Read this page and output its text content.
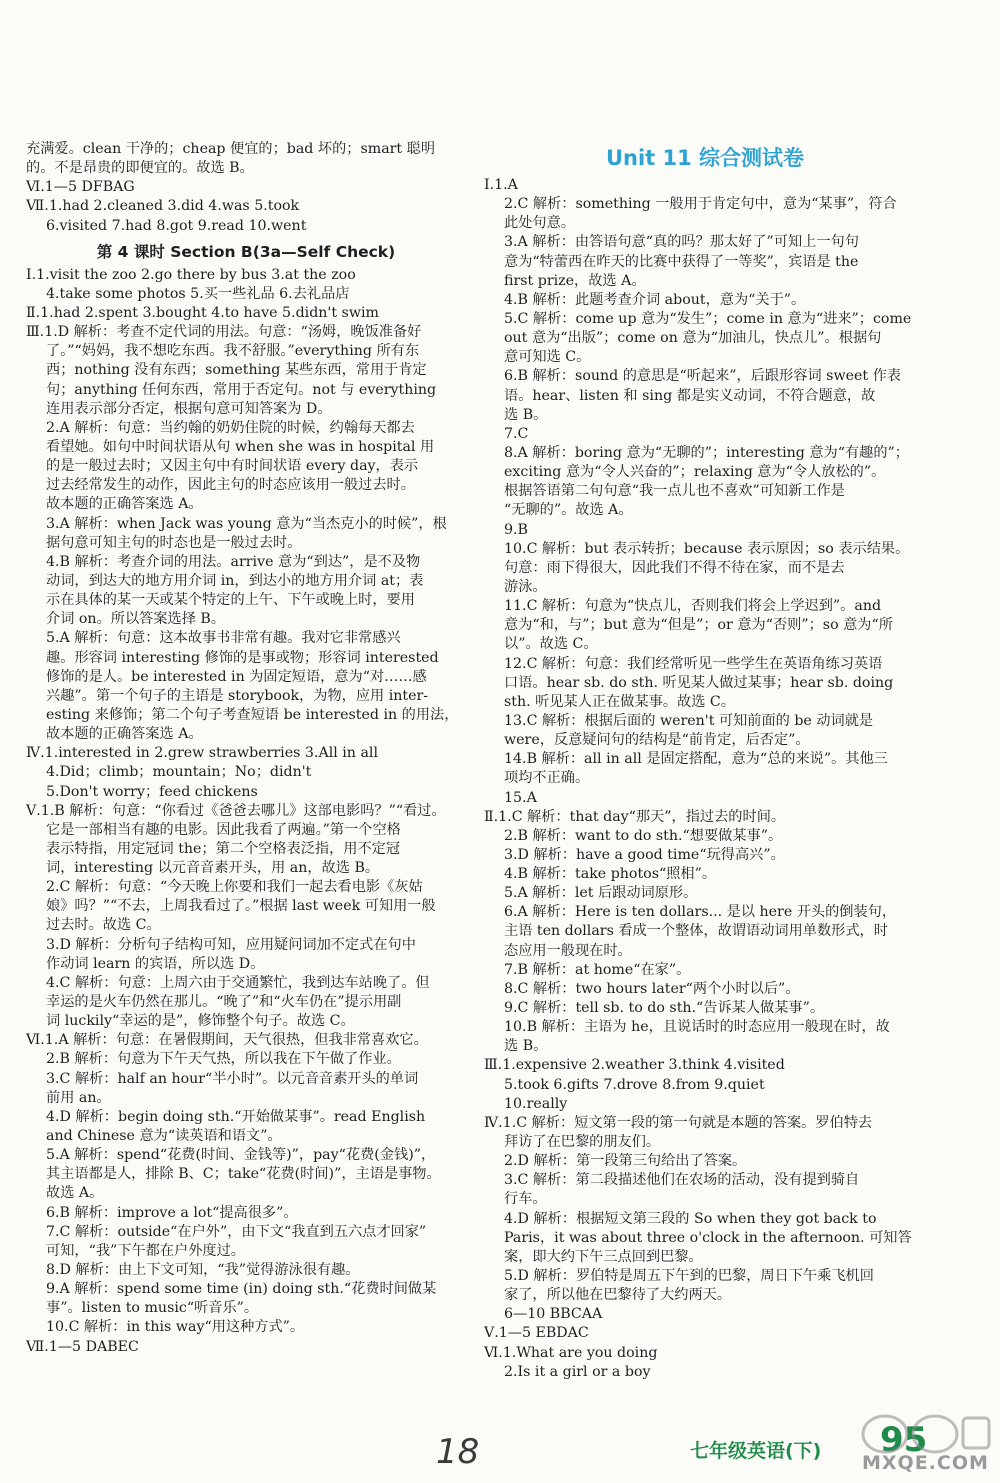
充满爱。clean 干净的；cheap 便宜的；bad 坏的；smart 聪明
的。不是昂贵的即便宜的。故选 B。
Ⅵ.1—5 DFBAG
Ⅶ.1.had 2.cleaned 3.did 4.was 5.took
6.visited 7.had 8.got 9.read 10.went
第 4 课时 Section B(3a—Self Check)
Ⅰ.1.visit the zoo 2.go there by bus 3.at the zoo
4.take some photos 5.买一些礼品 6.去礼品店
Ⅱ.1.had 2.spent 3.bought 4.to have 5.didn't swim
Ⅲ.1.D 解析：考查不定代词的用法。句意：“汤姆，晚饭准备好
了。”“妈妈，我不想吃东西。我不舒服。”everything 所有东
西；nothing 没有东西；something 某些东西，常用于肯定
句；anything 任何东西，常用于否定句。not 与 everything
连用表示部分否定，根据句意可知答案为 D。
2.A 解析：句意：当约翰的奶奶住院的时候，约翰每天都去
看望她。如句中时间状语从句 when she was in hospital 用
的是一般过去时；又因主句中有时间状语 every day，表示
过去经常发生的动作，因此主句的时态应该用一般过去时。
故本题的正确答案选 A。
3.A 解析：when Jack was young 意为“当杰克小的时候”，根
据句意可知主句的时态也是一般过去时。
4.B 解析：考查介词的用法。arrive 意为“到达”，是不及物
动词，到达大的地方用介词 in，到达小的地方用介词 at；表
示在具体的某一天或某个特定的上午、下午或晚上时，要用
介词 on。所以答案选择 B。
5.A 解析：句意：这本故事书非常有趣。我对它非常感兴
趣。形容词 interesting 修饰的是事或物；形容词 interested
修饰的是人。be interested in 为固定短语，意为“对……感
兴趣”。第一个句子的主语是 storybook，为物，应用 inter-
esting 来修饰；第二个句子考查短语 be interested in 的用法，
故本题的正确答案选 A。
Ⅳ.1.interested in 2.grew strawberries 3.All in all
4.Did；climb；mountain；No；didn't
5.Don't worry；feed chickens
Ⅴ.1.B 解析：句意：“你看过《爸爸去哪儿》这部电影吗？”“看过。
它是一部相当有趣的电影。因此我看了两遍。”第一个空格
表示特指，用定冠词 the；第二个空格表泛指，用不定冠
词，interesting 以元音音素开头，用 an，故选 B。
2.C 解析：句意：“今天晚上你要和我们一起去看电影《灰姑
娘》吗？”“不去，上周我看过了。”根据 last week 可知用一般
过去时。故选 C。
3.D 解析：分析句子结构可知，应用疑问词加不定式在句中
作动词 learn 的宾语，所以选 D。
4.C 解析：句意：上周六由于交通繁忙，我到达车站晚了。但
幸运的是火车仍然在那儿。“晚了”和“火车仍在”提示用副
词 luckily“幸运的是”，修饰整个句子。故选 C。
Ⅵ.1.A 解析：句意：在暑假期间，天气很热，但我非常喜欢它。
2.B 解析：句意为下午天气热，所以我在下午做了作业。
3.C 解析：half an hour“半小时”。以元音音素开头的单词
前用 an。
4.D 解析：begin doing sth.“开始做某事”。read English
and Chinese 意为“读英语和语文”。
5.A 解析：spend“花费(时间、金钱等)”，pay“花费(金钱)”，
其主语都是人，排除 B、C；take“花费(时间)”，主语是事物。
故选 A。
6.B 解析：improve a lot“提高很多”。
7.C 解析：outside“在户外”，由下文“我直到五六点才回家”
可知，“我”下午都在户外度过。
8.D 解析：由上下文可知，“我”觉得游泳很有趣。
9.A 解析：spend some time (in) doing sth.“花费时间做某
事”。listen to music“听音乐”。
10.C 解析：in this way“用这种方式”。
Ⅶ.1—5 DABEC
Unit 11 综合测试卷
Ⅰ.1.A
2.C 解析：something 一般用于肯定句中，意为“某事”，符合
此处句意。
3.A 解析：由答语句意“真的吗？那太好了”可知上一句句
意为“特蕾西在昨天的比赛中获得了一等奖”，宾语是 the
first prize，故选 A。
4.B 解析：此题考查介词 about，意为“关于”。
5.C 解析：come up 意为“发生”；come in 意为“进来”；come
out 意为“出版”；come on 意为“加油儿，快点儿”。根据句
意可知选 C。
6.B 解析：sound 的意思是“听起来”，后跟形容词 sweet 作表
语。hear、listen 和 sing 都是实义动词，不符合题意，故
选 B。
7.C
8.A 解析：boring 意为“无聊的”；interesting 意为“有趣的”；
exciting 意为“令人兴奋的”；relaxing 意为“令人放松的”。
根据答语第二句句意“我一点儿也不喜欢”可知新工作是
“无聊的”。故选 A。
9.B
10.C 解析：but 表示转折；because 表示原因；so 表示结果。
句意：雨下得很大，因此我们不得不待在家，而不是去
游泳。
11.C 解析：句意为“快点儿，否则我们将会上学迟到”。and
意为“和，与”；but 意为“但是”；or 意为“否则”；so 意为“所
以”。故选 C。
12.C 解析：句意：我们经常听见一些学生在英语角练习英语
口语。hear sb. do sth. 听见某人做过某事；hear sb. doing
sth. 听见某人正在做某事。故选 C。
13.C 解析：根据后面的 weren't 可知前面的 be 动词就是
were，反意疑问句的结构是“前肯定，后否定”。
14.B 解析：all in all 是固定搭配，意为“总的来说”。其他三
项均不正确。
15.A
Ⅱ.1.C 解析：that day“那天”，指过去的时间。
2.B 解析：want to do sth.“想要做某事”。
3.D 解析：have a good time“玩得高兴”。
4.B 解析：take photos“照相”。
5.A 解析：let 后跟动词原形。
6.A 解析：Here is ten dollars... 是以 here 开头的倒装句，
主语 ten dollars 看成一个整体，故谓语动词用单数形式，时
态应用一般现在时。
7.B 解析：at home“在家”。
8.C 解析：two hours later“两个小时以后”。
9.C 解析：tell sb. to do sth.“告诉某人做某事”。
10.B 解析：主语为 he，且说话时的时态应用一般现在时，故
选 B。
Ⅲ.1.expensive 2.weather 3.think 4.visited
5.took 6.gifts 7.drove 8.from 9.quiet
10.really
Ⅳ.1.C 解析：短文第一段的第一句就是本题的答案。罗伯特去
拜访了在巴黎的朋友们。
2.D 解析：第一段第三句给出了答案。
3.C 解析：第二段描述他们在农场的活动，没有提到骑自
行车。
4.D 解析：根据短文第三段的 So when they got back to
Paris，it was about three o'clock in the afternoon. 可知答
案，即大约下午三点回到巴黎。
5.D 解析：罗伯特是周五下午到的巴黎，周日下午乘飞机回
家了，所以他在巴黎待了大约两天。
6—10 BBCAA
Ⅴ.1—5 EBDAC
Ⅵ.1.What are you doing
2.Is it a girl or a boy
18	七年级英语(下) 95
MXQE.COM
